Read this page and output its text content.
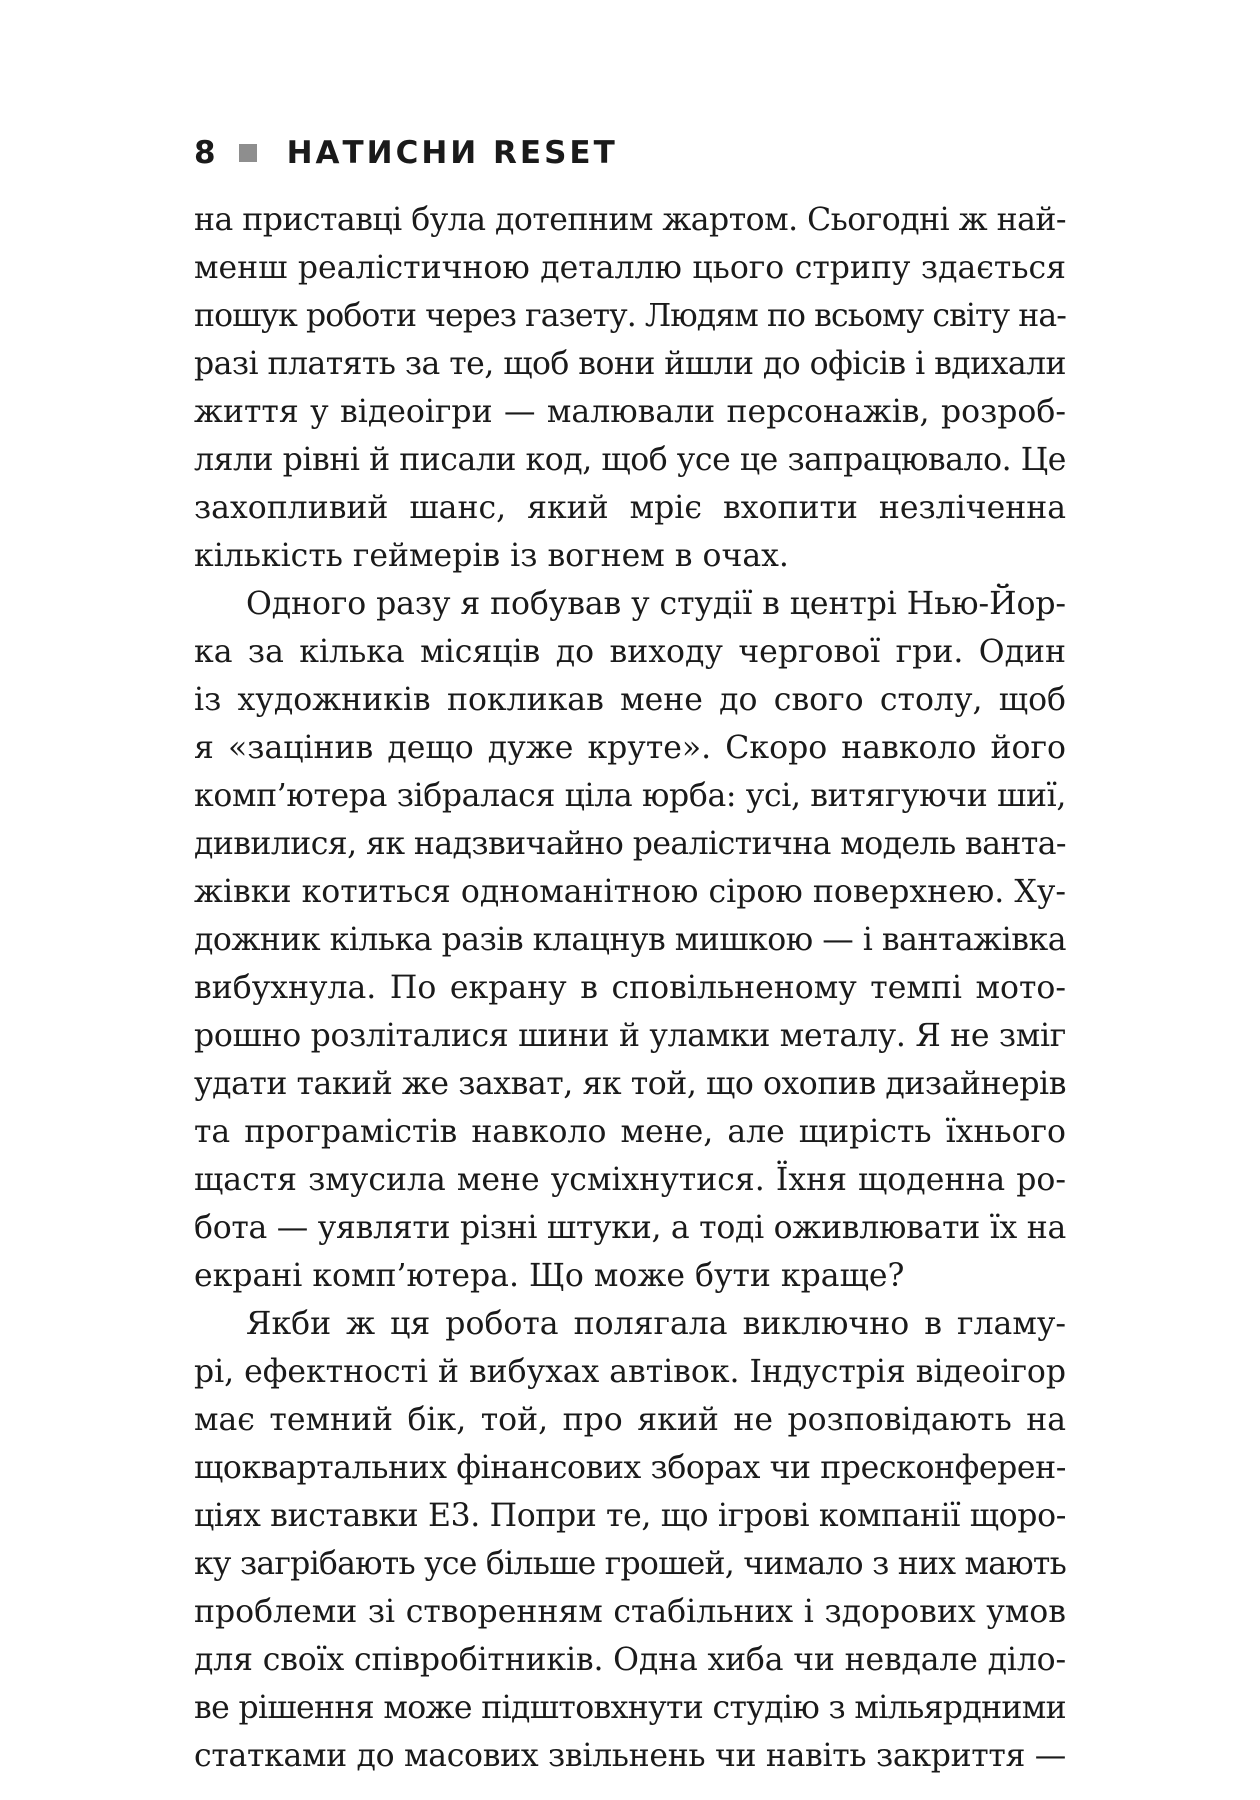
8 НАТИСНИ RESET
на приставці була дотепним жартом. Сьогодні ж най-
менш реалістичною деталлю цього стрипу здається
пошук роботи через газету. Людям по всьому світу на-
разі платять за те, щоб вони йшли до офісів і вдихали
життя у відеоігри — малювали персонажів, розроб-
ляли рівні й писали код, щоб усе це запрацювало. Це
захопливий шанс, який мріє вхопити незліченна
кількість геймерів із вогнем в очах.
Одного разу я побував у студії в центрі Нью-Йор-
ка за кілька місяців до виходу чергової гри. Один
із художників покликав мене до свого столу, щоб
я «зацінив дещо дуже круте». Скоро навколо його
комп’ютера зібралася ціла юрба: усі, витягуючи шиї,
дивилися, як надзвичайно реалістична модель ванта-
жівки котиться одноманітною сірою поверхнею. Ху-
дожник кілька разів клацнув мишкою — і вантажівка
вибухнула. По екрану в сповільненому темпі мото-
рошно розліталися шини й уламки металу. Я не зміг
удати такий же захват, як той, що охопив дизайнерів
та програмістів навколо мене, але щирість їхнього
щастя змусила мене усміхнутися. Їхня щоденна ро-
бота — уявляти різні штуки, а тоді оживлювати їх на
екрані комп’ютера. Що може бути краще?
Якби ж ця робота полягала виключно в гламу-
рі, ефектності й вибухах автівок. Індустрія відеоігор
має темний бік, той, про який не розповідають на
щоквартальних фінансових зборах чи пресконферен-
ціях виставки E3. Попри те, що ігрові компанії щоро-
ку загрібають усе більше грошей, чимало з них мають
проблеми зі створенням стабільних і здорових умов
для своїх співробітників. Одна хиба чи невдале діло-
ве рішення може підштовхнути студію з мільярдними
статками до масових звільнень чи навіть закриття —
